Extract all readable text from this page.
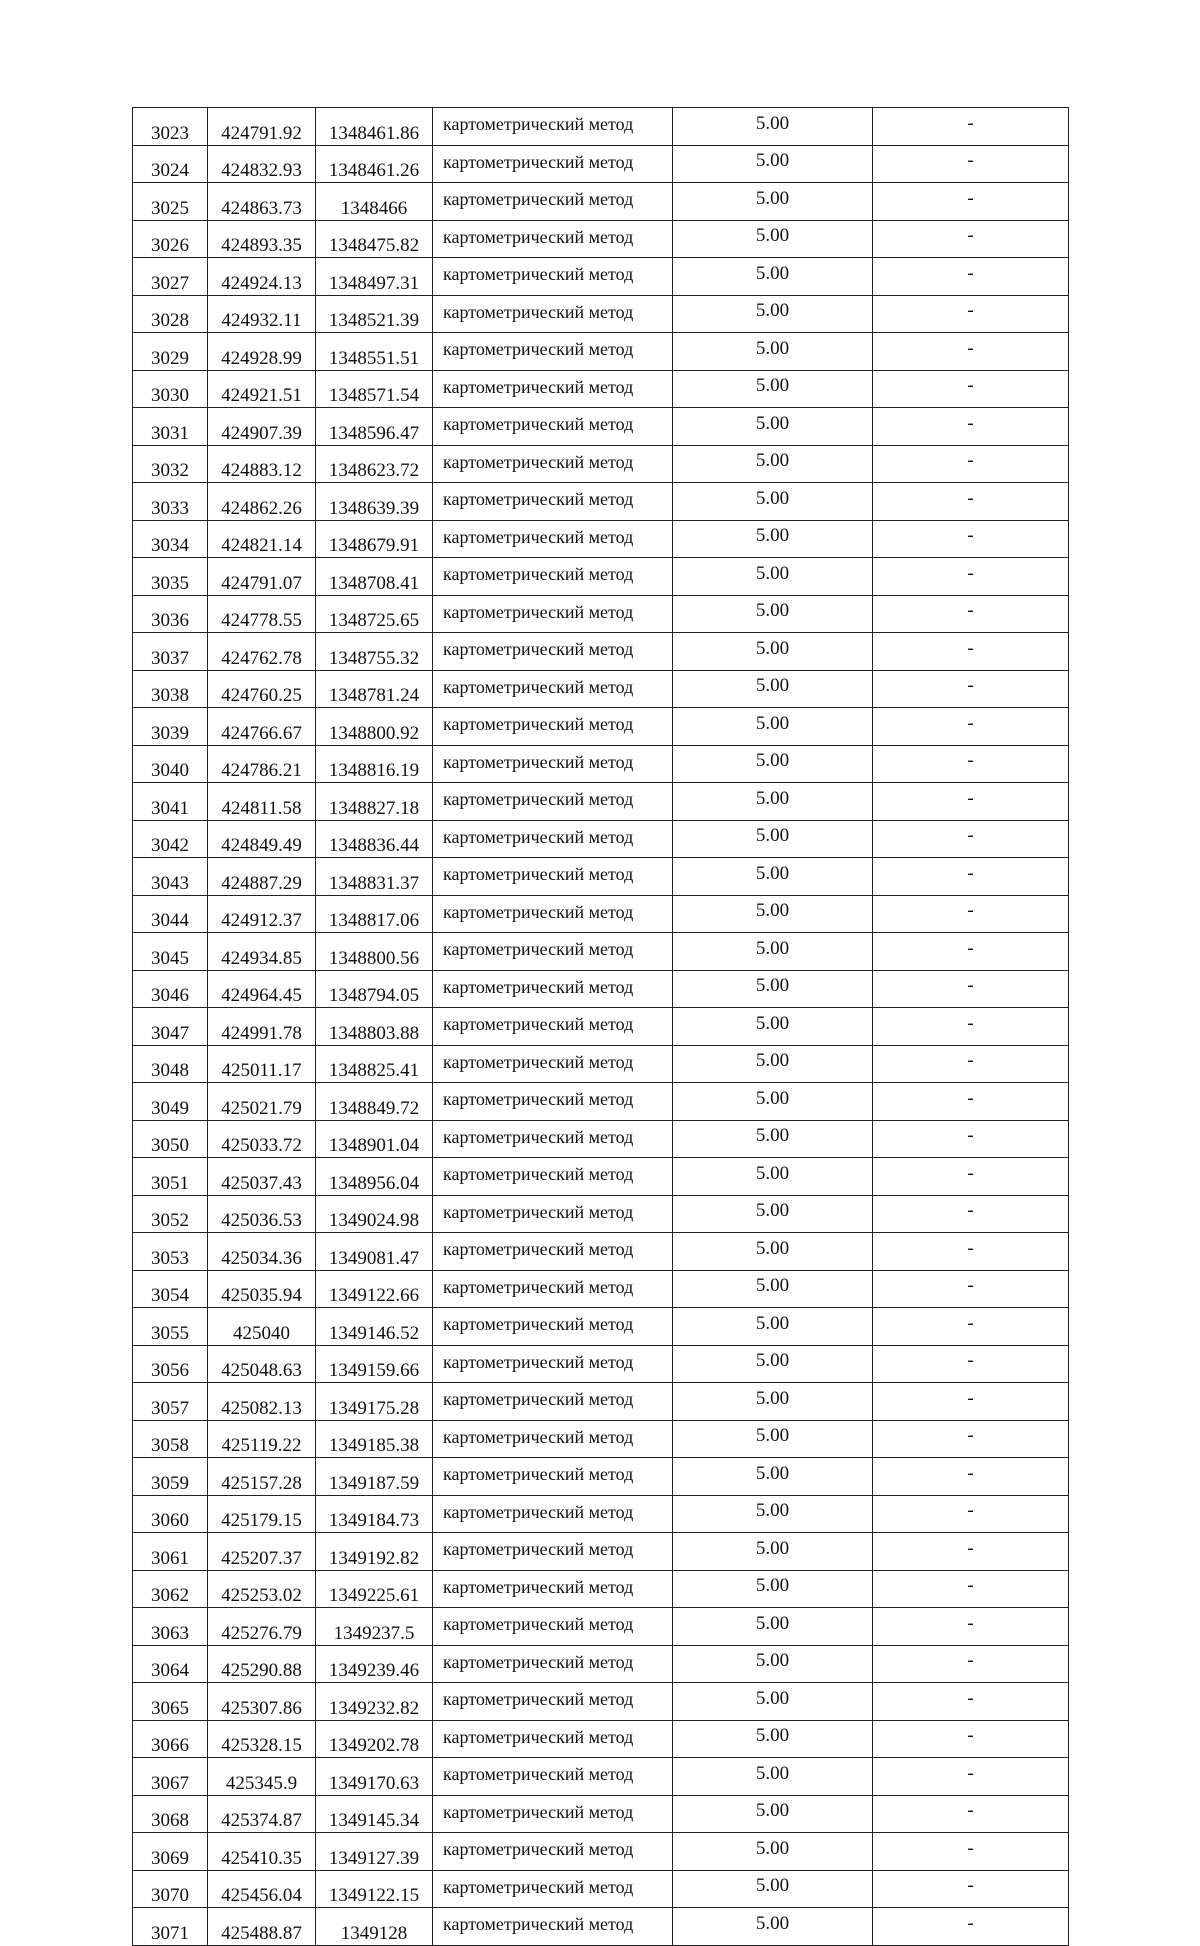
3023	424791.92	1348461.86	картометрический метод	5.00	-
3024	424832.93	1348461.26	картометрический метод	5.00	-
3025	424863.73	1348466	картометрический метод	5.00	-
3026	424893.35	1348475.82	картометрический метод	5.00	-
3027	424924.13	1348497.31	картометрический метод	5.00	-
3028	424932.11	1348521.39	картометрический метод	5.00	-
3029	424928.99	1348551.51	картометрический метод	5.00	-
3030	424921.51	1348571.54	картометрический метод	5.00	-
3031	424907.39	1348596.47	картометрический метод	5.00	-
3032	424883.12	1348623.72	картометрический метод	5.00	-
3033	424862.26	1348639.39	картометрический метод	5.00	-
3034	424821.14	1348679.91	картометрический метод	5.00	-
3035	424791.07	1348708.41	картометрический метод	5.00	-
3036	424778.55	1348725.65	картометрический метод	5.00	-
3037	424762.78	1348755.32	картометрический метод	5.00	-
3038	424760.25	1348781.24	картометрический метод	5.00	-
3039	424766.67	1348800.92	картометрический метод	5.00	-
3040	424786.21	1348816.19	картометрический метод	5.00	-
3041	424811.58	1348827.18	картометрический метод	5.00	-
3042	424849.49	1348836.44	картометрический метод	5.00	-
3043	424887.29	1348831.37	картометрический метод	5.00	-
3044	424912.37	1348817.06	картометрический метод	5.00	-
3045	424934.85	1348800.56	картометрический метод	5.00	-
3046	424964.45	1348794.05	картометрический метод	5.00	-
3047	424991.78	1348803.88	картометрический метод	5.00	-
3048	425011.17	1348825.41	картометрический метод	5.00	-
3049	425021.79	1348849.72	картометрический метод	5.00	-
3050	425033.72	1348901.04	картометрический метод	5.00	-
3051	425037.43	1348956.04	картометрический метод	5.00	-
3052	425036.53	1349024.98	картометрический метод	5.00	-
3053	425034.36	1349081.47	картометрический метод	5.00	-
3054	425035.94	1349122.66	картометрический метод	5.00	-
3055	425040	1349146.52	картометрический метод	5.00	-
3056	425048.63	1349159.66	картометрический метод	5.00	-
3057	425082.13	1349175.28	картометрический метод	5.00	-
3058	425119.22	1349185.38	картометрический метод	5.00	-
3059	425157.28	1349187.59	картометрический метод	5.00	-
3060	425179.15	1349184.73	картометрический метод	5.00	-
3061	425207.37	1349192.82	картометрический метод	5.00	-
3062	425253.02	1349225.61	картометрический метод	5.00	-
3063	425276.79	1349237.5	картометрический метод	5.00	-
3064	425290.88	1349239.46	картометрический метод	5.00	-
3065	425307.86	1349232.82	картометрический метод	5.00	-
3066	425328.15	1349202.78	картометрический метод	5.00	-
3067	425345.9	1349170.63	картометрический метод	5.00	-
3068	425374.87	1349145.34	картометрический метод	5.00	-
3069	425410.35	1349127.39	картометрический метод	5.00	-
3070	425456.04	1349122.15	картометрический метод	5.00	-
3071	425488.87	1349128	картометрический метод	5.00	-
